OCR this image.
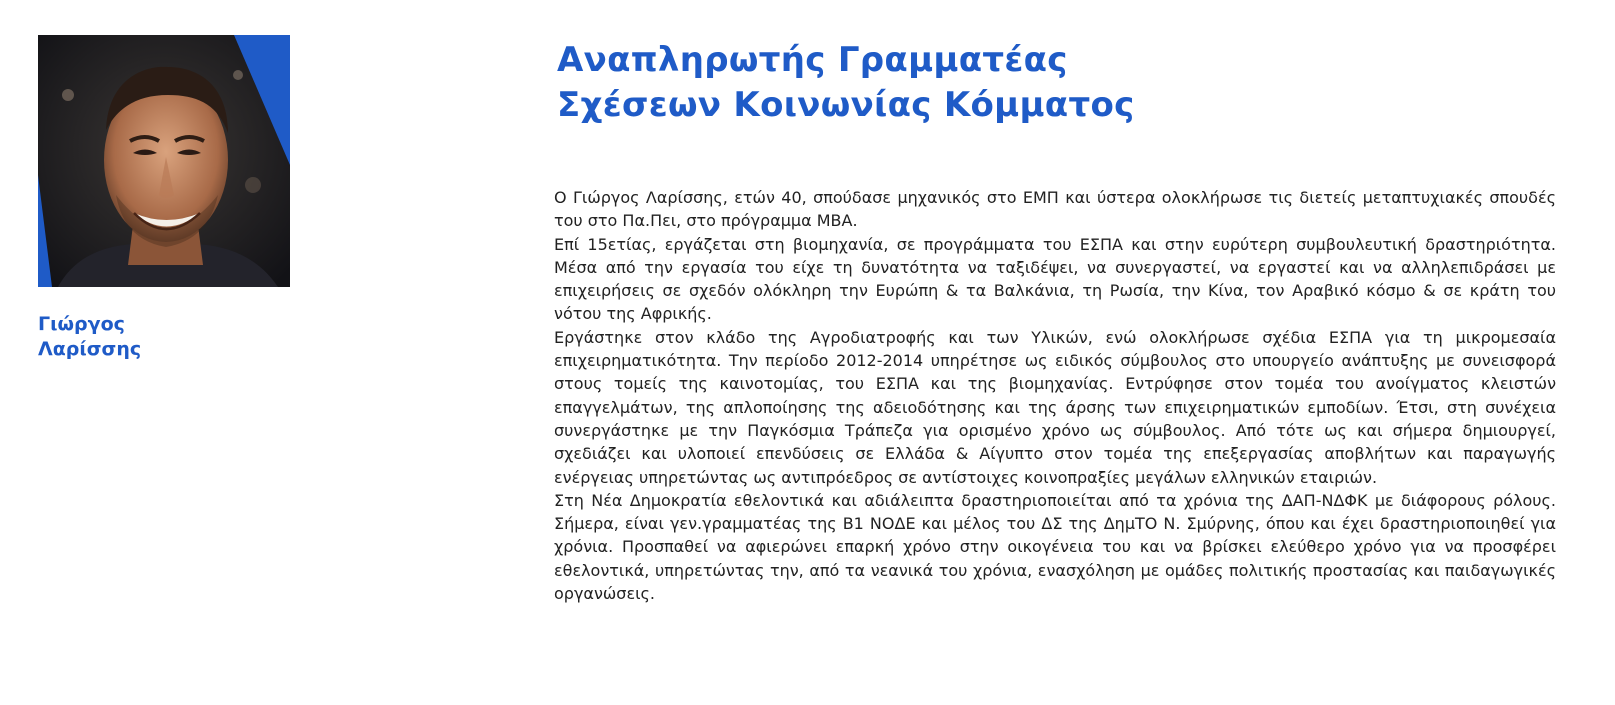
Γιώργος
Λαρίσσης
Αναπληρωτής Γραμματέας
Σχέσεων Κοινωνίας Κόμματος

Ο Γιώργος Λαρίσσης, ετών 40, σπούδασε μηχανικός στο ΕΜΠ και ύστερα ολοκλήρωσε τις διετείς μεταπτυχιακές σπουδές του στο Πα.Πει, στο πρόγραμμα ΜΒΑ.

Επί 15ετίας, εργάζεται στη βιομηχανία, σε προγράμματα του ΕΣΠΑ και στην ευρύτερη συμβουλευτική δραστηριότητα. Μέσα από την εργασία του είχε τη δυνατότητα να ταξιδέψει, να συνεργαστεί, να εργαστεί και να αλληλεπιδράσει με επιχειρήσεις σε σχεδόν ολόκληρη την Ευρώπη & τα Βαλκάνια, τη Ρωσία, την Κίνα, τον Αραβικό κόσμο & σε κράτη του νότου της Αφρικής.

Εργάστηκε στον κλάδο της Αγροδιατροφής και των Υλικών, ενώ ολοκλήρωσε σχέδια ΕΣΠΑ για τη μικρομεσαία επιχειρηματικότητα. Την περίοδο 2012-2014 υπηρέτησε ως ειδικός σύμβουλος στο υπουργείο ανάπτυξης με συνεισφορά στους τομείς της καινοτομίας, του ΕΣΠΑ και της βιομηχανίας. Εντρύφησε στον τομέα του ανοίγματος κλειστών επαγγελμάτων, της απλοποίησης της αδειοδότησης και της άρσης των επιχειρηματικών εμποδίων. Έτσι, στη συνέχεια συνεργάστηκε με την Παγκόσμια Τράπεζα για ορισμένο χρόνο ως σύμβουλος. Από τότε ως και σήμερα δημιουργεί, σχεδιάζει και υλοποιεί επενδύσεις σε Ελλάδα & Αίγυπτο στον τομέα της επεξεργασίας αποβλήτων και παραγωγής ενέργειας υπηρετώντας ως αντιπρόεδρος σε αντίστοιχες κοινοπραξίες μεγάλων ελληνικών εταιριών.

Στη Νέα Δημοκρατία εθελοντικά και αδιάλειπτα δραστηριοποιείται από τα χρόνια της ΔΑΠ-ΝΔΦΚ με διάφορους ρόλους. Σήμερα, είναι γεν.γραμματέας της Β1 ΝΟΔΕ και μέλος του ΔΣ της ΔημΤΟ Ν. Σμύρνης, όπου και έχει δραστηριοποιηθεί για χρόνια. Προσπαθεί να αφιερώνει επαρκή χρόνο στην οικογένεια του και να βρίσκει ελεύθερο χρόνο για να προσφέρει εθελοντικά, υπηρετώντας την, από τα νεανικά του χρόνια, ενασχόληση με ομάδες πολιτικής προστασίας και παιδαγωγικές οργανώσεις.
